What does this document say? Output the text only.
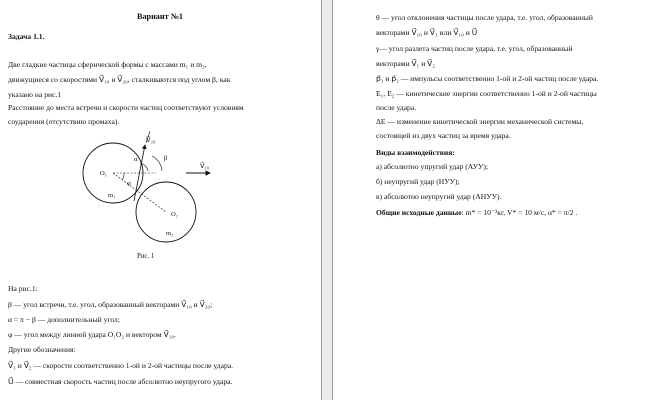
Вариант №1
Задача 1.1.
Две гладкие частицы сферической формы с массами m₁ и m₂,
движущиеся со скоростями V⃗₁₀ и V⃗₂₀, сталкиваются под углом β, как
указано на рис.1
Расстояние до места встречи и скорости частиц соответствуют условиям
соударения (отсутствию промаха).
O₁
O₂
m₁
m₂
α	β
φ
V⃗₂₀
V⃗₁₀
Рис. 1
На рис.1:
β — угол встречи, т.е. угол, образованный векторами V⃗₁₀ и V⃗₂₀;
α = π − β — дополнительный угол;
φ — угол между линией удара O₁O₂ и вектором V⃗₁₀.
Другие обозначения:
V⃗₁ и V⃗₂ — скорости соответственно 1-ой и 2-ой частицы после удара.
U⃗ — совместная скорость частиц после абсолютно неупругого удара.
θ — угол отклонения частицы после удара, т.е. угол, образованный
векторами V⃗₁₀ и V⃗₁ или V⃗₁₀ и U⃗
γ— угол разлета частиц после удара, т.е. угол, образованный
векторами V⃗₁ и V⃗₂
p⃗₁ и p⃗₂ — импульсы соответственно 1-ой и 2-ой частиц после удара.
E₁, E₂ — кинетические энергии соответственно 1-ой и 2-ой частицы
после удара.
ΔE — изменение кинетической энергии механической системы,
состоящей из двух частиц за время удара.
Виды взаимодействия:
а) абсолютно упругий удар (АУУ);
б) неупругий удар (НУУ);
в) абсолютно неупругий удар (АНУУ).
Общие исходные данные: m* = 10⁻³кг, V* = 10 м/с, α* = π/2 .
